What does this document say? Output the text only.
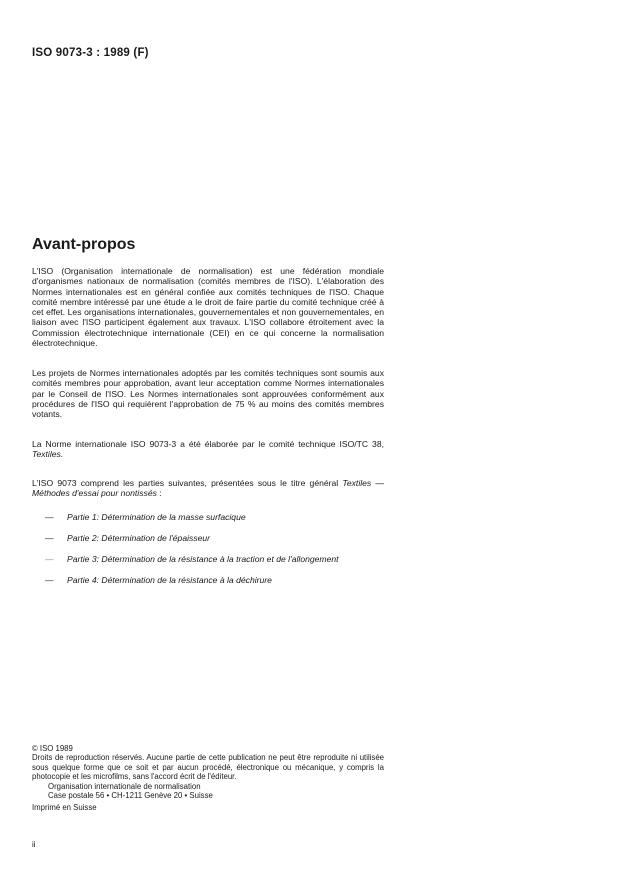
ISO 9073-3 : 1989 (F)
Avant-propos

L'ISO (Organisation internationale de normalisation) est une fédération mondiale d'organismes nationaux de normalisation (comités membres de l'ISO). L'élaboration des Normes internationales est en général confiée aux comités techniques de l'ISO. Chaque comité membre intéressé par une étude a le droit de faire partie du comité technique créé à cet effet. Les organisations internationales, gouvernementales et non gouvernementales, en liaison avec l'ISO participent également aux travaux. L'ISO collabore étroitement avec la Commission électrotechnique internationale (CEI) en ce qui concerne la normalisation électrotechnique.

Les projets de Normes internationales adoptés par les comités techniques sont soumis aux comités membres pour approbation, avant leur acceptation comme Normes internationales par le Conseil de l'ISO. Les Normes internationales sont approuvées conformément aux procédures de l'ISO qui requièrent l'approbation de 75 % au moins des comités membres votants.

La Norme internationale ISO 9073-3 a été élaborée par le comité technique ISO/TC 38, Textiles.

L'ISO 9073 comprend les parties suivantes, présentées sous le titre général Textiles — Méthodes d'essai pour nontissés :

— Partie 1: Détermination de la masse surfacique
— Partie 2: Détermination de l'épaisseur
— Partie 3: Détermination de la résistance à la traction et de l'allongement
— Partie 4: Détermination de la résistance à la déchirure

© ISO 1989

Droits de reproduction réservés. Aucune partie de cette publication ne peut être reproduite ni utilisée sous quelque forme que ce soit et par aucun procédé, électronique ou mécanique, y compris la photocopie et les microfilms, sans l'accord écrit de l'éditeur.

Organisation internationale de normalisation

Case postale 56 • CH-1211 Genève 20 • Suisse

Imprimé en Suisse

ii
